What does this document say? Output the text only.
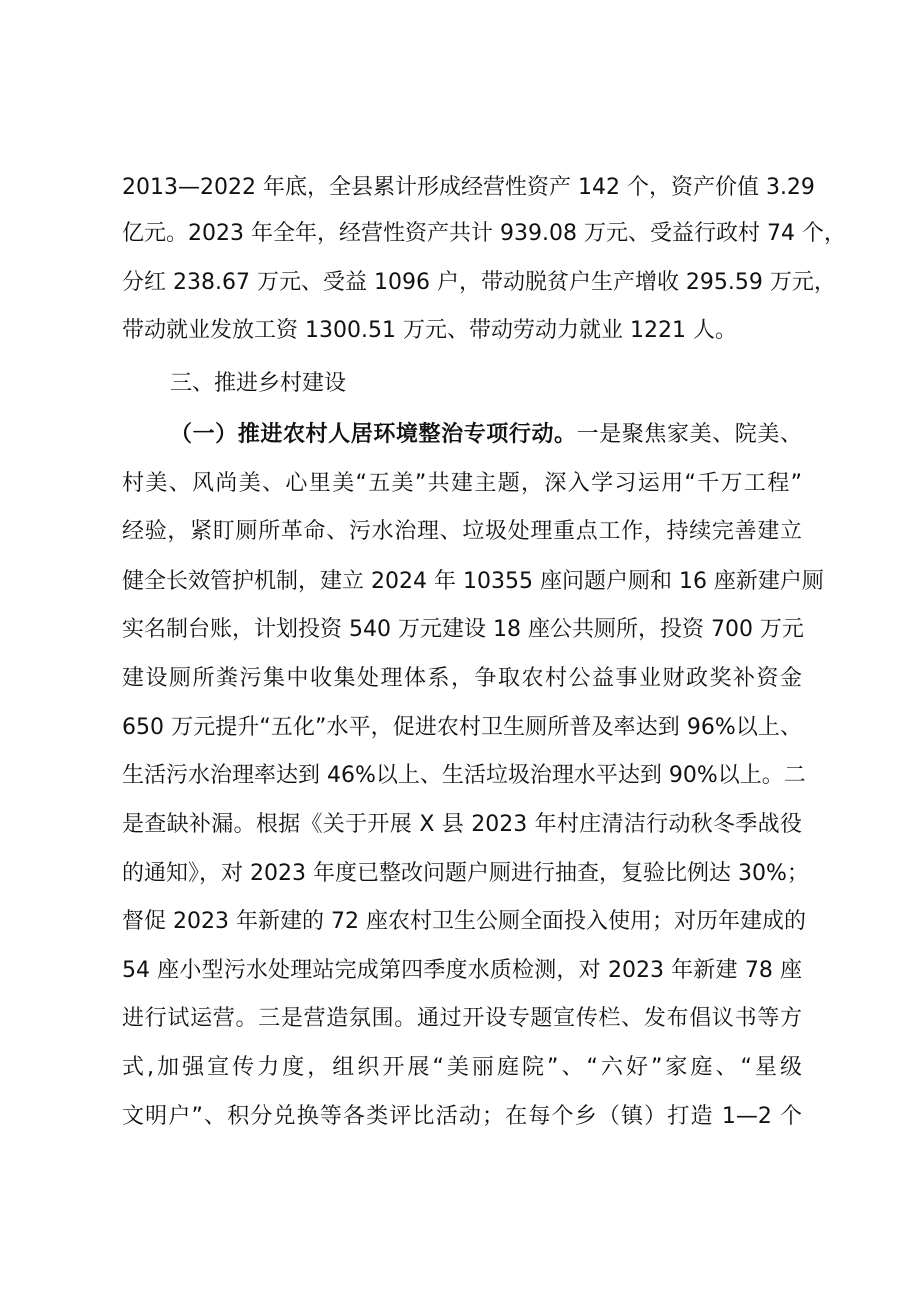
2013—2022 年底，全县累计形成经营性资产 142 个，资产价值 3.29
亿元。2023 年全年，经营性资产共计 939.08 万元、受益行政村 74 个，
分红 238.67 万元、受益 1096 户，带动脱贫户生产增收 295.59 万元，
带动就业发放工资 1300.51 万元、带动劳动力就业 1221 人。
三、推进乡村建设
（一）推进农村人居环境整治专项行动。一是聚焦家美、院美、
村美、风尚美、心里美“五美”共建主题，深入学习运用“千万工程”
经验，紧盯厕所革命、污水治理、垃圾处理重点工作，持续完善建立
健全长效管护机制，建立 2024 年 10355 座问题户厕和 16 座新建户厕
实名制台账，计划投资 540 万元建设 18 座公共厕所，投资 700 万元
建设厕所粪污集中收集处理体系，争取农村公益事业财政奖补资金
650 万元提升“五化”水平，促进农村卫生厕所普及率达到 96%以上、
生活污水治理率达到 46%以上、生活垃圾治理水平达到 90%以上。二
是查缺补漏。根据《关于开展 X 县 2023 年村庄清洁行动秋冬季战役
的通知》，对 2023 年度已整改问题户厕进行抽查，复验比例达 30%；
督促 2023 年新建的 72 座农村卫生公厕全面投入使用；对历年建成的
54 座小型污水处理站完成第四季度水质检测，对 2023 年新建 78 座
进行试运营。三是营造氛围。通过开设专题宣传栏、发布倡议书等方
式,加强宣传力度，组织开展“美丽庭院”、“六好”家庭、“星级
文明户”、积分兑换等各类评比活动；在每个乡（镇）打造 1—2 个
